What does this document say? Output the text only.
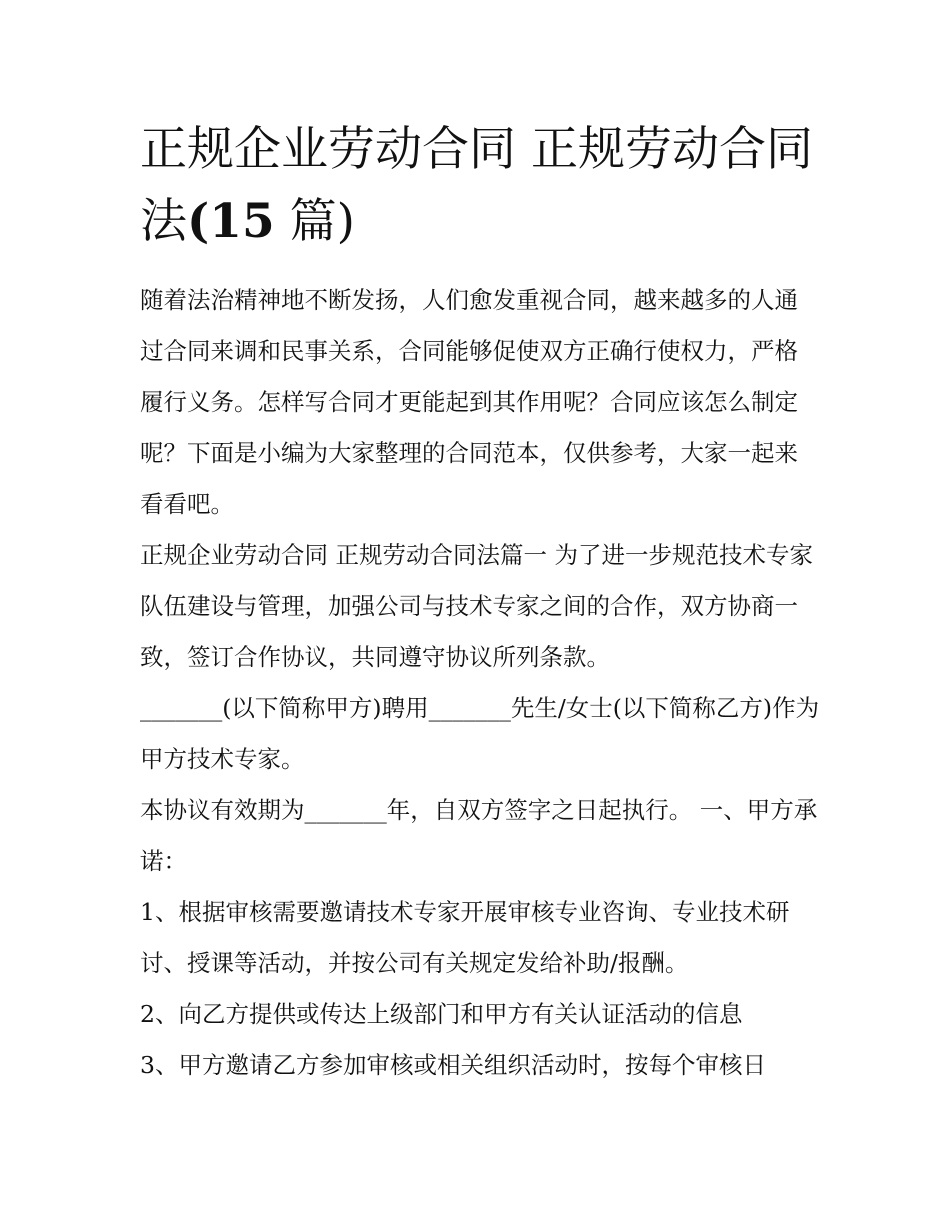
正规企业劳动合同 正规劳动合同法(15 篇)

随着法治精神地不断发扬，人们愈发重视合同，越来越多的人通过合同来调和民事关系，合同能够促使双方正确行使权力，严格履行义务。怎样写合同才更能起到其作用呢？合同应该怎么制定呢？下面是小编为大家整理的合同范本，仅供参考，大家一起来看看吧。

正规企业劳动合同 正规劳动合同法篇一 为了进一步规范技术专家队伍建设与管理，加强公司与技术专家之间的合作，双方协商一致，签订合作协议，共同遵守协议所列条款。

_______(以下简称甲方)聘用_______先生/女士(以下简称乙方)作为甲方技术专家。

本协议有效期为_______年，自双方签字之日起执行。 一、甲方承诺：

1、根据审核需要邀请技术专家开展审核专业咨询、专业技术研讨、授课等活动，并按公司有关规定发给补助/报酬。

2、向乙方提供或传达上级部门和甲方有关认证活动的信息

3、甲方邀请乙方参加审核或相关组织活动时，按每个审核日
